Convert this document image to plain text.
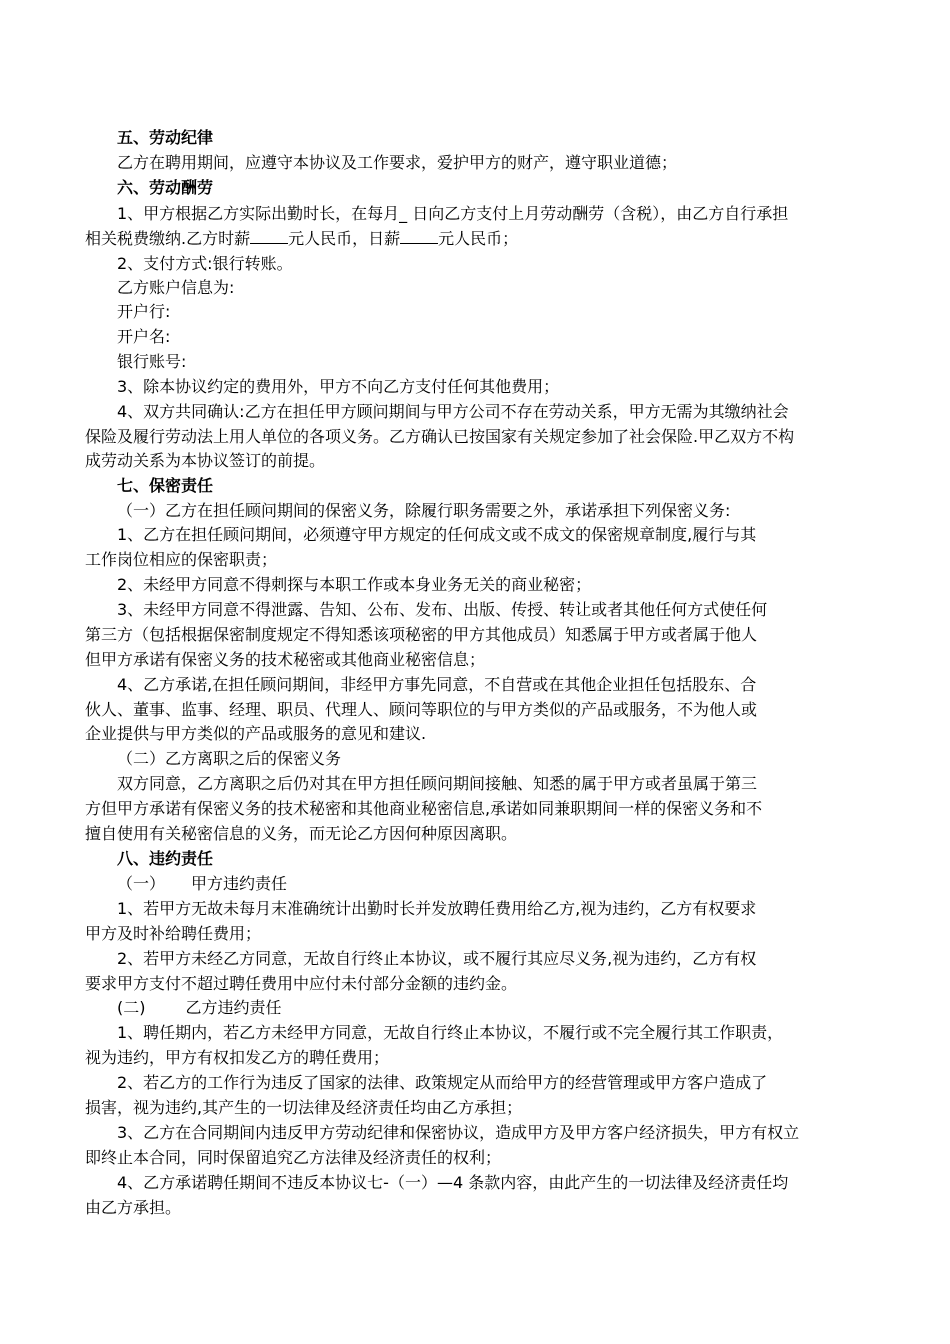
五、劳动纪律
乙方在聘用期间，应遵守本协议及工作要求，爱护甲方的财产，遵守职业道德；
六、劳动酬劳
1、甲方根据乙方实际出勤时长，在每月_ 日向乙方支付上月劳动酬劳（含税），由乙方自行承担
相关税费缴纳.乙方时薪 元人民币，日薪 元人民币；
2、支付方式:银行转账。
乙方账户信息为:
开户行:
开户名:
银行账号:
3、除本协议约定的费用外，甲方不向乙方支付任何其他费用；
4、双方共同确认:乙方在担任甲方顾问期间与甲方公司不存在劳动关系，甲方无需为其缴纳社会
保险及履行劳动法上用人单位的各项义务。乙方确认已按国家有关规定参加了社会保险.甲乙双方不构
成劳动关系为本协议签订的前提。
七、保密责任
（一）乙方在担任顾问期间的保密义务，除履行职务需要之外，承诺承担下列保密义务:
1、乙方在担任顾问期间，必须遵守甲方规定的任何成文或不成文的保密规章制度,履行与其
工作岗位相应的保密职责；
2、未经甲方同意不得刺探与本职工作或本身业务无关的商业秘密；
3、未经甲方同意不得泄露、告知、公布、发布、出版、传授、转让或者其他任何方式使任何
第三方（包括根据保密制度规定不得知悉该项秘密的甲方其他成员）知悉属于甲方或者属于他人
但甲方承诺有保密义务的技术秘密或其他商业秘密信息；
4、乙方承诺,在担任顾问期间，非经甲方事先同意，不自营或在其他企业担任包括股东、合
伙人、董事、监事、经理、职员、代理人、顾问等职位的与甲方类似的产品或服务，不为他人或
企业提供与甲方类似的产品或服务的意见和建议.
（二）乙方离职之后的保密义务
双方同意，乙方离职之后仍对其在甲方担任顾问期间接触、知悉的属于甲方或者虽属于第三
方但甲方承诺有保密义务的技术秘密和其他商业秘密信息,承诺如同兼职期间一样的保密义务和不
擅自使用有关秘密信息的义务，而无论乙方因何种原因离职。
八、违约责任
（一） 甲方违约责任
1、若甲方无故未每月末准确统计出勤时长并发放聘任费用给乙方,视为违约，乙方有权要求
甲方及时补给聘任费用；
2、若甲方未经乙方同意，无故自行终止本协议，或不履行其应尽义务,视为违约，乙方有权
要求甲方支付不超过聘任费用中应付未付部分金额的违约金。
(二)	乙方违约责任
1、聘任期内，若乙方未经甲方同意，无故自行终止本协议，不履行或不完全履行其工作职责，
视为违约，甲方有权扣发乙方的聘任费用；
2、若乙方的工作行为违反了国家的法律、政策规定从而给甲方的经营管理或甲方客户造成了
损害，视为违约,其产生的一切法律及经济责任均由乙方承担；
3、乙方在合同期间内违反甲方劳动纪律和保密协议，造成甲方及甲方客户经济损失，甲方有权立
即终止本合同，同时保留追究乙方法律及经济责任的权利；
4、乙方承诺聘任期间不违反本协议七-（一）—4 条款内容，由此产生的一切法律及经济责任均
由乙方承担。
